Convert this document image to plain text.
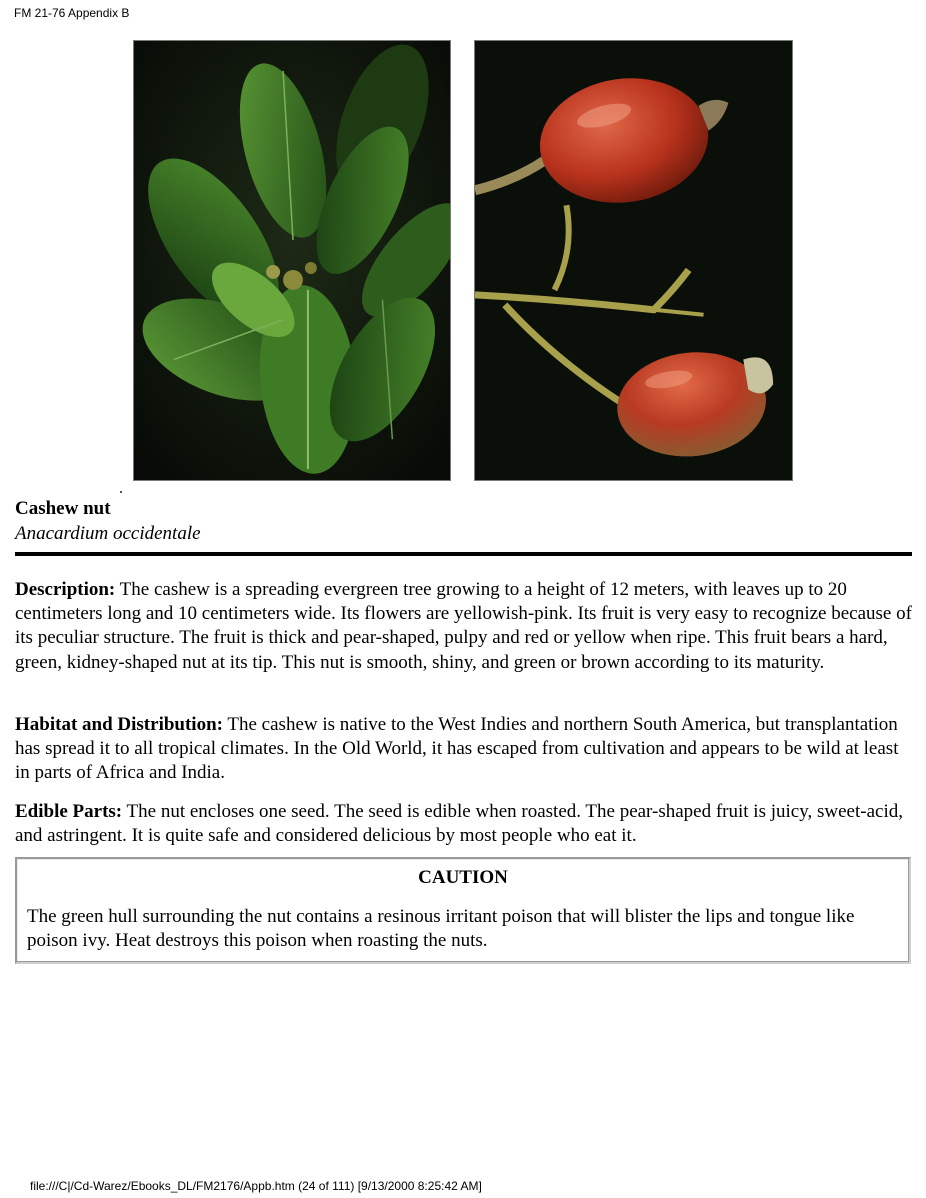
FM 21-76 Appendix B
Cashew nut
Anacardium occidentale

Description: The cashew is a spreading evergreen tree growing to a height of 12 meters, with leaves up to 20 centimeters long and 10 centimeters wide. Its flowers are yellowish-pink. Its fruit is very easy to recognize because of its peculiar structure. The fruit is thick and pear-shaped, pulpy and red or yellow when ripe. This fruit bears a hard, green, kidney-shaped nut at its tip. This nut is smooth, shiny, and green or brown according to its maturity.

Habitat and Distribution: The cashew is native to the West Indies and northern South America, but transplantation has spread it to all tropical climates. In the Old World, it has escaped from cultivation and appears to be wild at least in parts of Africa and India.

Edible Parts: The nut encloses one seed. The seed is edible when roasted. The pear-shaped fruit is juicy, sweet-acid, and astringent. It is quite safe and considered delicious by most people who eat it.

CAUTION

The green hull surrounding the nut contains a resinous irritant poison that will blister the lips and tongue like poison ivy. Heat destroys this poison when roasting the nuts.

file:///C|/Cd-Warez/Ebooks_DL/FM2176/Appb.htm (24 of 111) [9/13/2000 8:25:42 AM]
